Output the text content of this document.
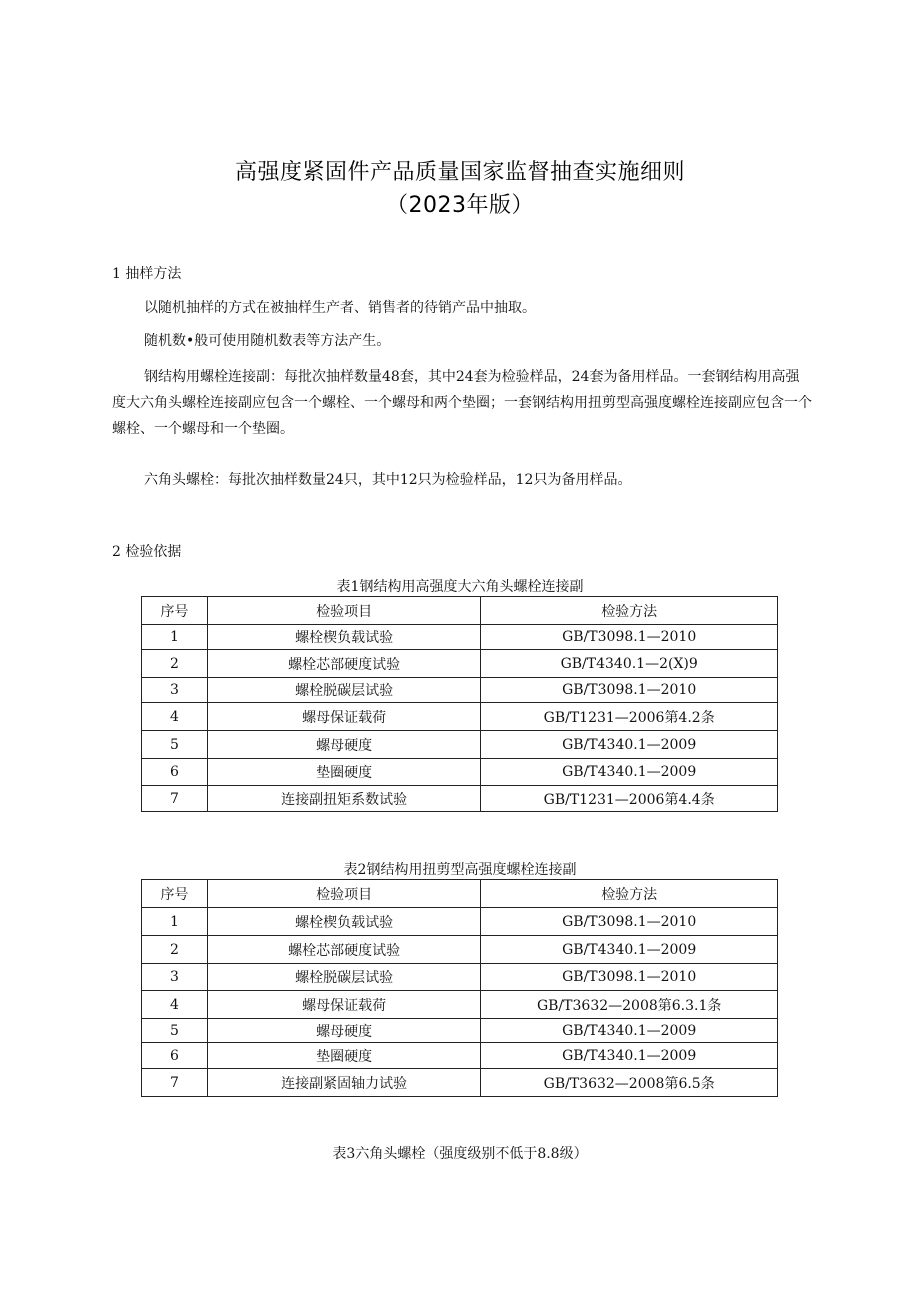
高强度紧固件产品质量国家监督抽查实施细则
（2023年版）
1 抽样方法

以随机抽样的方式在被抽样生产者、销售者的待销产品中抽取。

随机数•般可使用随机数表等方法产生。

钢结构用螺栓连接副：每批次抽样数量48套，其中24套为检验样品，24套为备用样品。一套钢结构用高强度大六角头螺栓连接副应包含一个螺栓、一个螺母和两个垫圈；一套钢结构用扭剪型高强度螺栓连接副应包含一个螺栓、一个螺母和一个垫圈。

六角头螺栓：每批次抽样数量24只，其中12只为检验样品，12只为备用样品。

2 检验依据
表1钢结构用高强度大六角头螺栓连接副
序号	检验项目	检验方法
1	螺栓楔负载试验	GB/T3098.1—2010
2	螺栓芯部硬度试验	GB/T4340.1—2(X)9
3	螺栓脱碳层试验	GB/T3098.1—2010
4	螺母保证载荷	GB/T1231—2006第4.2条
5	螺母硬度	GB/T4340.1—2009
6	垫圈硬度	GB/T4340.1—2009
7	连接副扭矩系数试验	GB/T1231—2006第4.4条
表2钢结构用扭剪型高强度螺栓连接副
序号	检验项目	检验方法
1	螺栓楔负载试验	GB/T3098.1—2010
2	螺栓芯部硬度试验	GB/T4340.1—2009
3	螺栓脱碳层试验	GB/T3098.1—2010
4	螺母保证载荷	GB/T3632—2008第6.3.1条
5	螺母硬度	GB/T4340.1—2009
6	垫圈硬度	GB/T4340.1—2009
7	连接副紧固轴力试验	GB/T3632—2008第6.5条
表3六角头螺栓（强度级别不低于8.8级）
